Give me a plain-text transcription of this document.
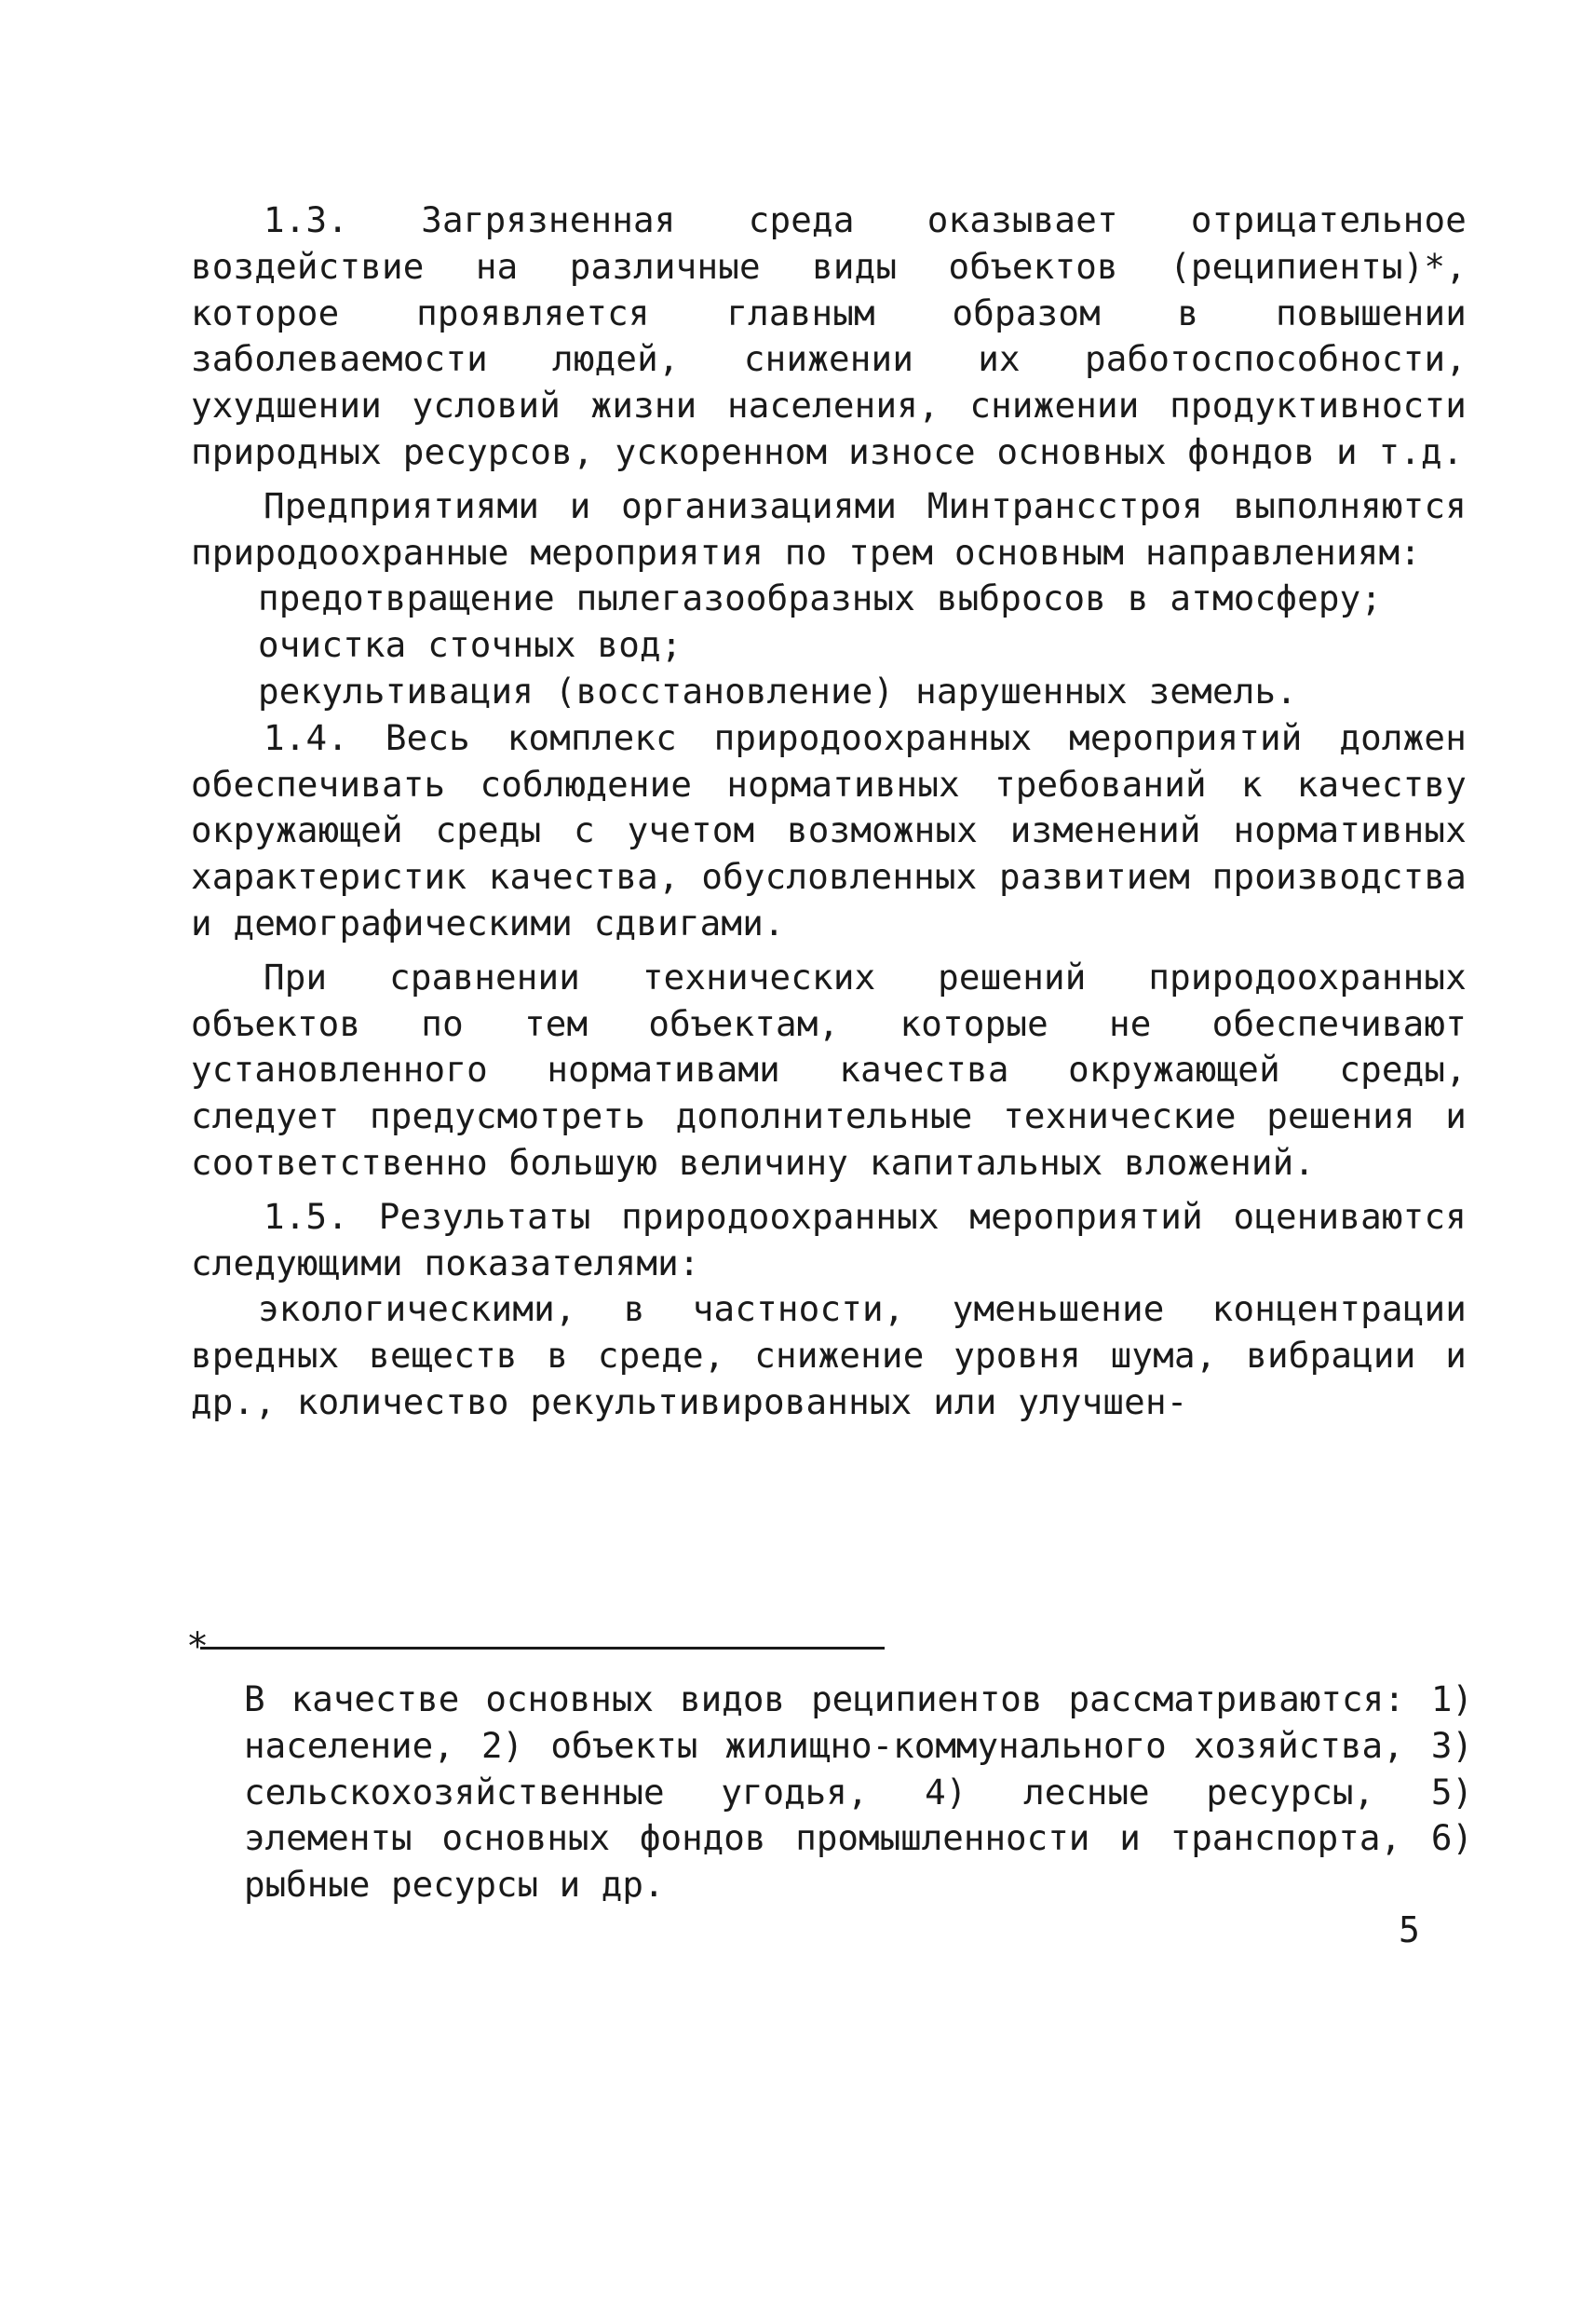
1.3. Загрязненная среда оказывает отрицательное воздействие на различные виды объектов (реципиенты)*, которое проявляется главным образом в повышении заболеваемости людей, снижении их работоспособности, ухудшении условий жизни населения, снижении продуктивности природных ресурсов, ускоренном износе основных фондов и т.д.

Предприятиями и организациями Минтрансстроя выполняются природоохранные мероприятия по трем основным направлениям:

предотвращение пылегазообразных выбросов в атмосферу;

очистка сточных вод;

рекультивация (восстановление) нарушенных земель.

1.4. Весь комплекс природоохранных мероприятий должен обеспечивать соблюдение нормативных требований к качеству окружающей среды с учетом возможных изменений нормативных характеристик качества, обусловленных развитием производства и демографическими сдвигами.

При сравнении технических решений природоохранных объектов по тем объектам, которые не обеспечивают установленного нормативами качества окружающей среды, следует предусмотреть дополнительные технические решения и соответственно большую величину капитальных вложений.

1.5. Результаты природоохранных мероприятий оцениваются следующими показателями:

экологическими, в частности, уменьшение концентрации вредных веществ в среде, снижение уровня шума, вибрации и др., количество рекультивированных или улучшен-

*

В качестве основных видов реципиентов рассматриваются: 1) население, 2) объекты жилищно-коммунального хозяйства, 3) сельскохозяйственные угодья, 4) лесные ресурсы, 5) элементы основных фондов промышленности и транспорта, 6) рыбные ресурсы и др.

5
